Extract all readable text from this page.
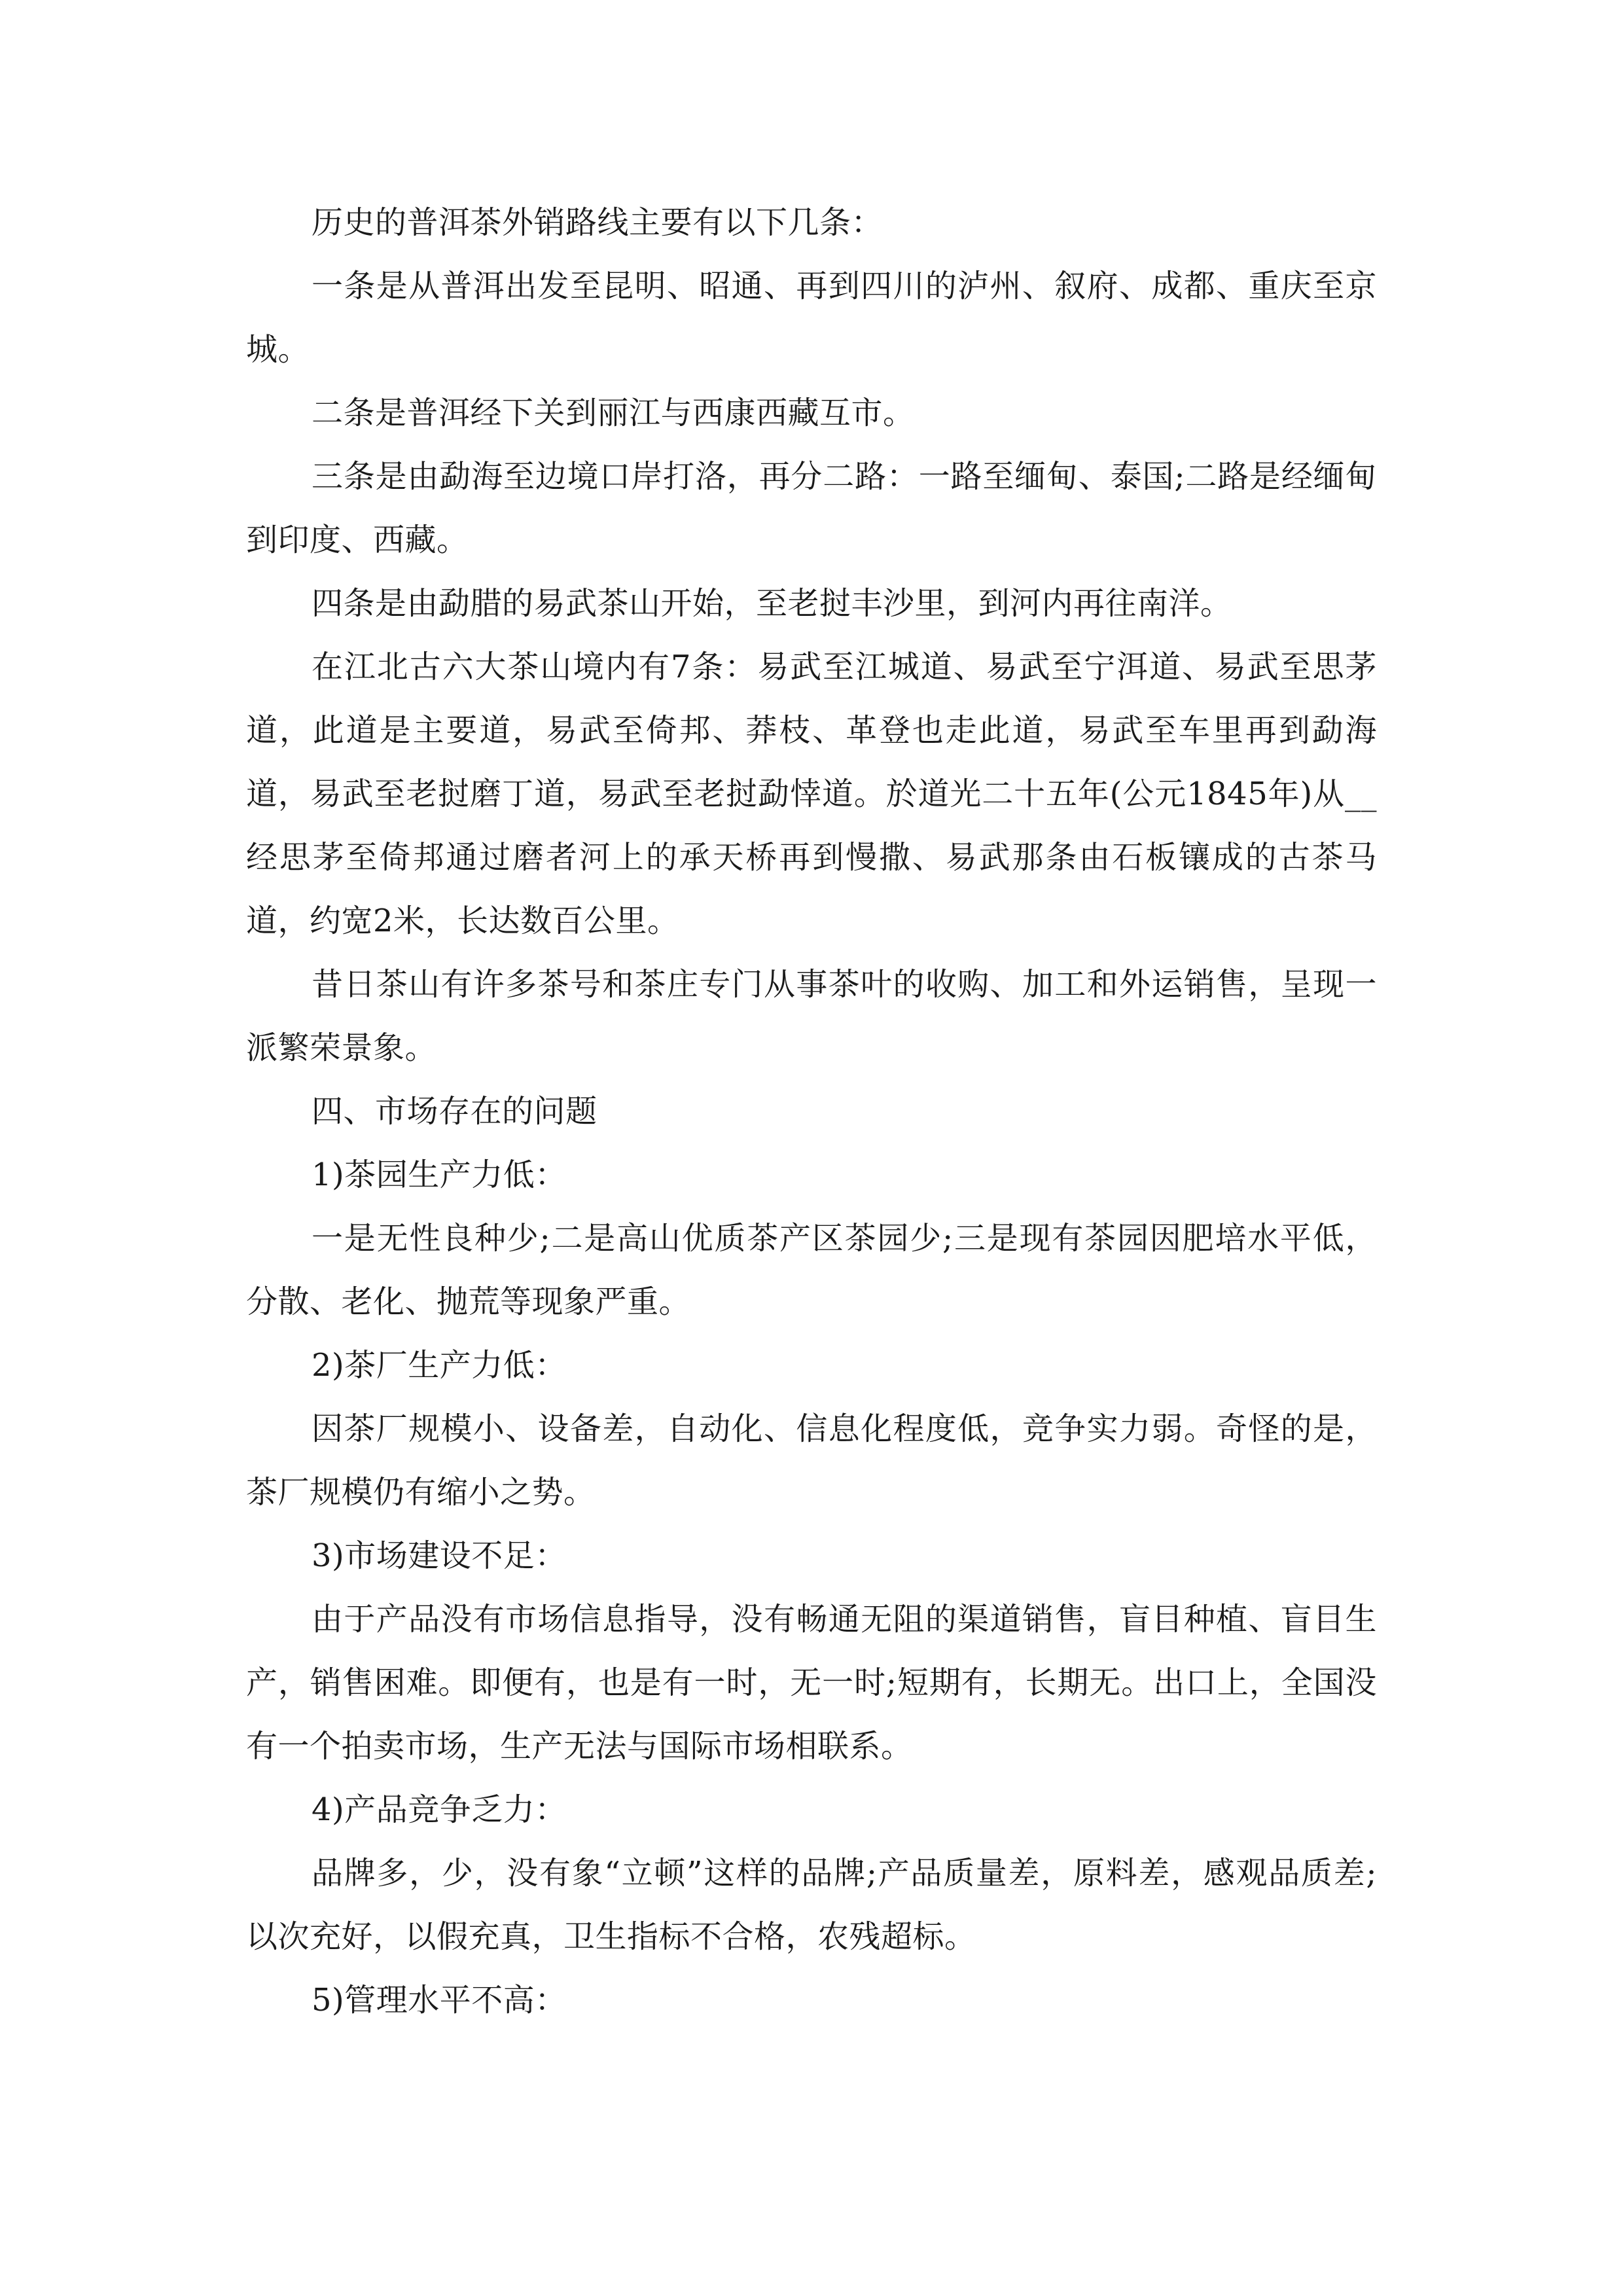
历史的普洱茶外销路线主要有以下几条：

一条是从普洱出发至昆明、昭通、再到四川的泸州、叙府、成都、重庆至京城。

二条是普洱经下关到丽江与西康西藏互市。

三条是由勐海至边境口岸打洛，再分二路：一路至缅甸、泰国;二路是经缅甸到印度、西藏。

四条是由勐腊的易武茶山开始，至老挝丰沙里，到河内再往南洋。

在江北古六大茶山境内有7条：易武至江城道、易武至宁洱道、易武至思茅道，此道是主要道，易武至倚邦、莽枝、革登也走此道，易武至车里再到勐海道，易武至老挝磨丁道，易武至老挝勐悻道。於道光二十五年(公元1845年)从__经思茅至倚邦通过磨者河上的承天桥再到慢撒、易武那条由石板镶成的古茶马道，约宽2米，长达数百公里。

昔日茶山有许多茶号和茶庄专门从事茶叶的收购、加工和外运销售，呈现一派繁荣景象。

四、市场存在的问题

1)茶园生产力低：

一是无性良种少;二是高山优质茶产区茶园少;三是现有茶园因肥培水平低，分散、老化、抛荒等现象严重。

2)茶厂生产力低：

因茶厂规模小、设备差，自动化、信息化程度低，竞争实力弱。奇怪的是，茶厂规模仍有缩小之势。

3)市场建设不足：

由于产品没有市场信息指导，没有畅通无阻的渠道销售，盲目种植、盲目生产，销售困难。即便有，也是有一时，无一时;短期有，长期无。出口上，全国没有一个拍卖市场，生产无法与国际市场相联系。

4)产品竞争乏力：

品牌多，少，没有象“立顿”这样的品牌;产品质量差，原料差，感观品质差;以次充好，以假充真，卫生指标不合格，农残超标。

5)管理水平不高：
